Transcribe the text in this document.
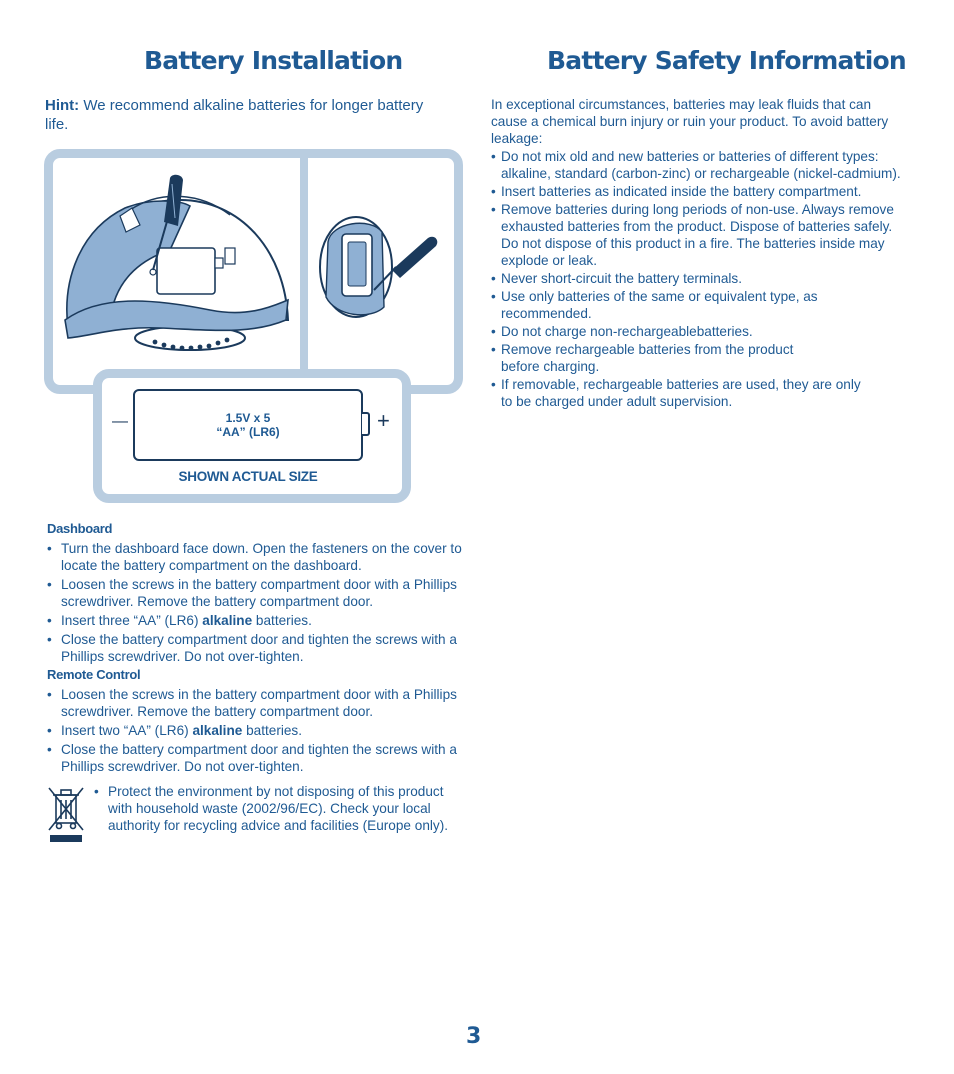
Battery Installation
Hint: We recommend alkaline batteries for longer battery life.
1.5V x 5
“AA” (LR6)
—	+
SHOWN ACTUAL SIZE
Dashboard
• Turn the dashboard face down. Open the fasteners on the cover to locate the battery compartment on the dashboard.
• Loosen the screws in the battery compartment door with a Phillips screwdriver. Remove the battery compartment door.
• Insert three “AA” (LR6) alkaline batteries.
• Close the battery compartment door and tighten the screws with a Phillips screwdriver. Do not over-tighten.
Remote Control
• Loosen the screws in the battery compartment door with a Phillips screwdriver. Remove the battery compartment door.
• Insert two “AA” (LR6) alkaline batteries.
• Close the battery compartment door and tighten the screws with a Phillips screwdriver. Do not over-tighten.
• Protect the environment by not disposing of this product with household waste (2002/96/EC). Check your local authority for recycling advice and facilities (Europe only).
Battery Safety Information
In exceptional circumstances, batteries may leak fluids that can cause a chemical burn injury or ruin your product. To avoid battery leakage:
• Do not mix old and new batteries or batteries of different types: alkaline, standard (carbon-zinc) or rechargeable (nickel-cadmium).
• Insert batteries as indicated inside the battery compartment.
• Remove batteries during long periods of non-use. Always remove exhausted batteries from the product. Dispose of batteries safely. Do not dispose of this product in a fire. The batteries inside may explode or leak.
• Never short-circuit the battery terminals.
• Use only batteries of the same or equivalent type, as recommended.
• Do not charge non-rechargeablebatteries.
• Remove rechargeable batteries from the product before charging.
• If removable, rechargeable batteries are used, they are only to be charged under adult supervision.
3
